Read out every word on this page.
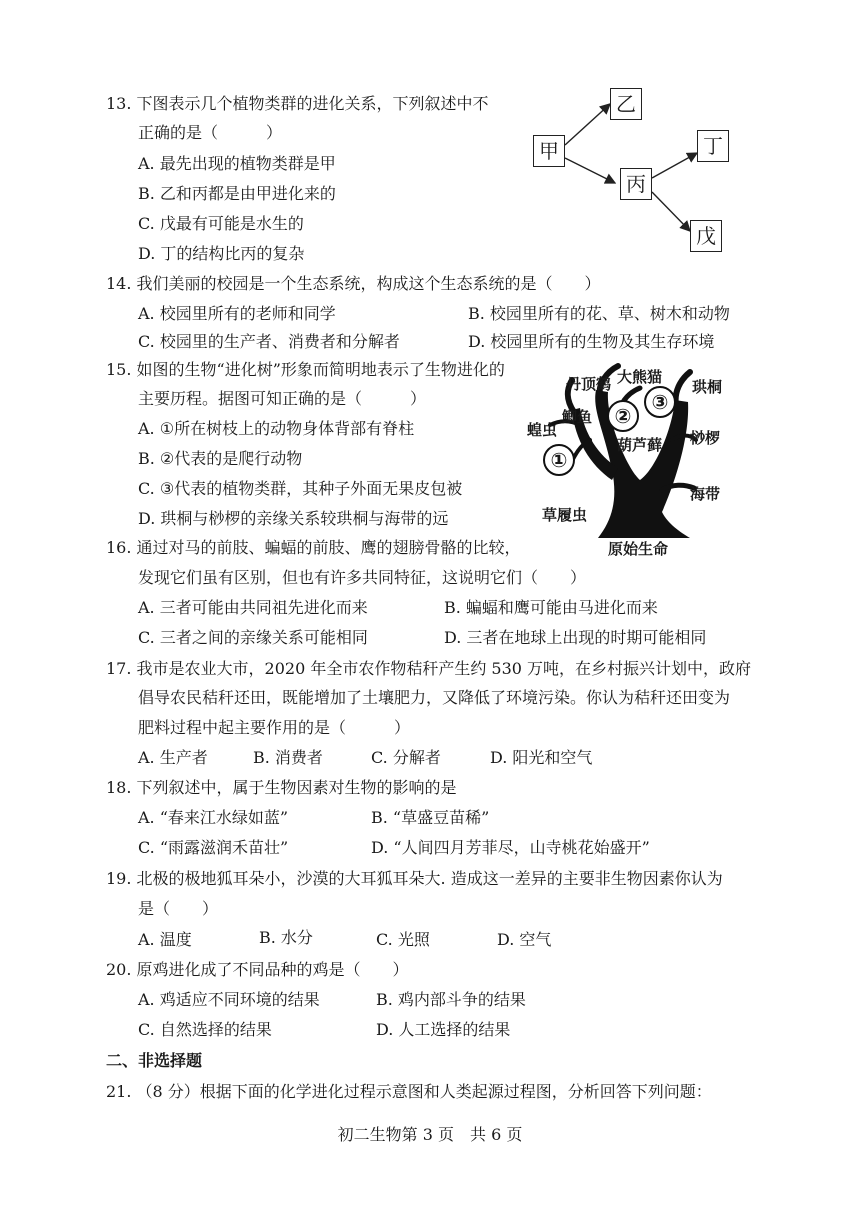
13. 下图表示几个植物类群的进化关系，下列叙述中不
正确的是（　　　）
A. 最先出现的植物类群是甲
B. 乙和丙都是由甲进化来的
C. 戊最有可能是水生的
D. 丁的结构比丙的复杂
甲
乙
丙
丁
戊
14. 我们美丽的校园是一个生态系统，构成这个生态系统的是（　　）
A. 校园里所有的老师和同学	B. 校园里所有的花、草、树木和动物
C. 校园里的生产者、消费者和分解者	D. 校园里所有的生物及其生存环境
15. 如图的生物“进化树”形象而简明地表示了生物进化的
主要历程。据图可知正确的是（　　　）
A. ①所在树枝上的动物身体背部有脊柱
B. ②代表的是爬行动物
C. ③代表的植物类群，其种子外面无果皮包被
D. 珙桐与桫椤的亲缘关系较珙桐与海带的远
丹顶鹤 大熊猫
珙桐
鲫鱼
蝗虫
葫芦藓 桫椤
海带
草履虫
原始生命
①
②
③
16. 通过对马的前肢、蝙蝠的前肢、鹰的翅膀骨骼的比较，
发现它们虽有区别，但也有许多共同特征，这说明它们（　　）
A. 三者可能由共同祖先进化而来	B. 蝙蝠和鹰可能由马进化而来
C. 三者之间的亲缘关系可能相同	D. 三者在地球上出现的时期可能相同
17. 我市是农业大市，2020 年全市农作物秸秆产生约 530 万吨，在乡村振兴计划中，政府
倡导农民秸秆还田，既能增加了土壤肥力，又降低了环境污染。你认为秸秆还田变为
肥料过程中起主要作用的是（　　　）
A. 生产者	B. 消费者	C. 分解者	D. 阳光和空气
18. 下列叙述中，属于生物因素对生物的影响的是
A. “春来江水绿如蓝”	B. “草盛豆苗稀”
C. “雨露滋润禾苗壮”	D. “人间四月芳菲尽，山寺桃花始盛开”
19. 北极的极地狐耳朵小，沙漠的大耳狐耳朵大. 造成这一差异的主要非生物因素你认为
是（　　）
A. 温度	B. 水分	C. 光照	D. 空气
20. 原鸡进化成了不同品种的鸡是（　　）
A. 鸡适应不同环境的结果	B. 鸡内部斗争的结果
C. 自然选择的结果	D. 人工选择的结果
二、非选择题
21. （8 分）根据下面的化学进化过程示意图和人类起源过程图，分析回答下列问题：
初二生物第 3 页　共 6 页
